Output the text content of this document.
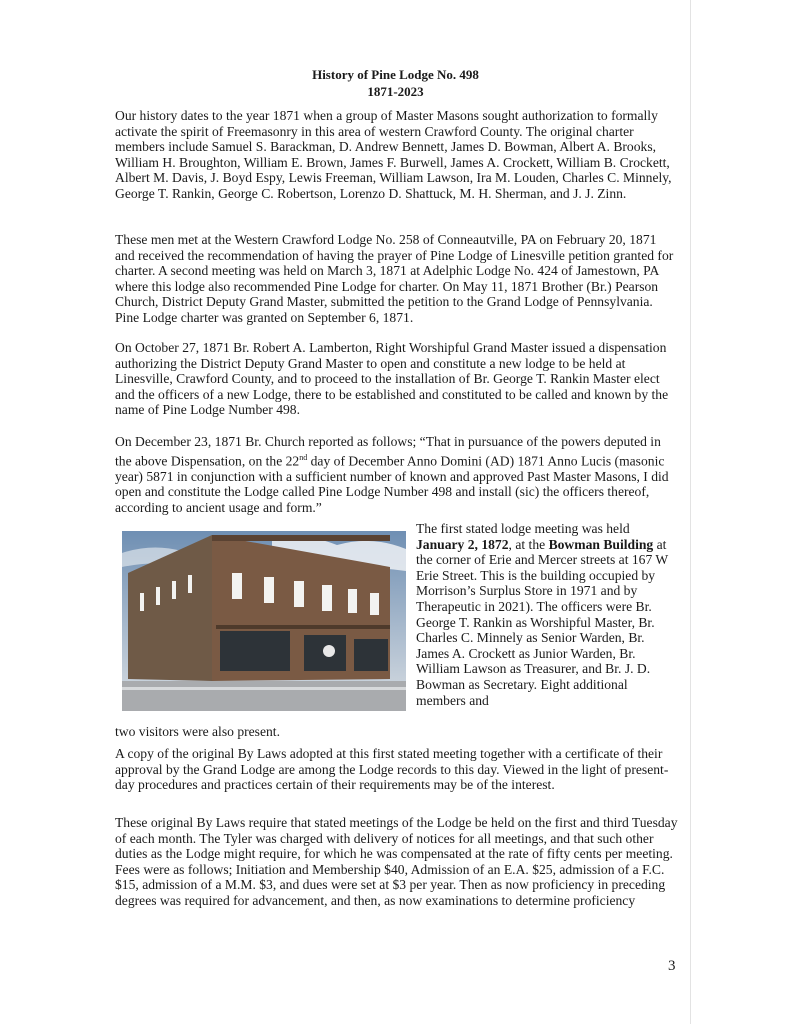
History of Pine Lodge No. 498
1871-2023

Our history dates to the year 1871 when a group of Master Masons sought authorization to formally activate the spirit of Freemasonry in this area of western Crawford County. The original charter members include Samuel S. Barackman, D. Andrew Bennett, James D. Bowman, Albert A. Brooks, William H. Broughton, William E. Brown, James F. Burwell, James A. Crockett, William B. Crockett, Albert M. Davis, J. Boyd Espy, Lewis Freeman, William Lawson, Ira M. Louden, Charles C. Minnely, George T. Rankin, George C. Robertson, Lorenzo D. Shattuck, M. H. Sherman, and J. J. Zinn.

These men met at the Western Crawford Lodge No. 258 of Conneautville, PA on February 20, 1871 and received the recommendation of having the prayer of Pine Lodge of Linesville petition granted for charter. A second meeting was held on March 3, 1871 at Adelphic Lodge No. 424 of Jamestown, PA where this lodge also recommended Pine Lodge for charter. On May 11, 1871 Brother (Br.) Pearson Church, District Deputy Grand Master, submitted the petition to the Grand Lodge of Pennsylvania. Pine Lodge charter was granted on September 6, 1871.

On October 27, 1871 Br. Robert A. Lamberton, Right Worshipful Grand Master issued a dispensation authorizing the District Deputy Grand Master to open and constitute a new lodge to be held at Linesville, Crawford County, and to proceed to the installation of Br. George T. Rankin Master elect and the officers of a new Lodge, there to be established and constituted to be called and known by the name of Pine Lodge Number 498.

On December 23, 1871 Br. Church reported as follows; “That in pursuance of the powers deputed in the above Dispensation, on the 22nd day of December Anno Domini (AD) 1871 Anno Lucis (masonic year) 5871 in conjunction with a sufficient number of known and approved Past Master Masons, I did open and constitute the Lodge called Pine Lodge Number 498 and install (sic) the officers thereof, according to ancient usage and form.”

The first stated lodge meeting was held January 2, 1872, at the Bowman Building at the corner of Erie and Mercer streets at 167 W Erie Street. This is the building occupied by Morrison’s Surplus Store in 1971 and by Therapeutic in 2021). The officers were Br. George T. Rankin as Worshipful Master, Br. Charles C. Minnely as Senior Warden, Br. James A. Crockett as Junior Warden, Br. William Lawson as Treasurer, and Br. J. D. Bowman as Secretary. Eight additional members and

two visitors were also present.

A copy of the original By Laws adopted at this first stated meeting together with a certificate of their approval by the Grand Lodge are among the Lodge records to this day. Viewed in the light of present-day procedures and practices certain of their requirements may be of the interest.

These original By Laws require that stated meetings of the Lodge be held on the first and third Tuesday of each month. The Tyler was charged with delivery of notices for all meetings, and that such other duties as the Lodge might require, for which he was compensated at the rate of fifty cents per meeting. Fees were as follows; Initiation and Membership $40, Admission of an E.A. $25, admission of a F.C. $15, admission of a M.M. $3, and dues were set at $3 per year. Then as now proficiency in preceding degrees was required for advancement, and then, as now examinations to determine proficiency

3
